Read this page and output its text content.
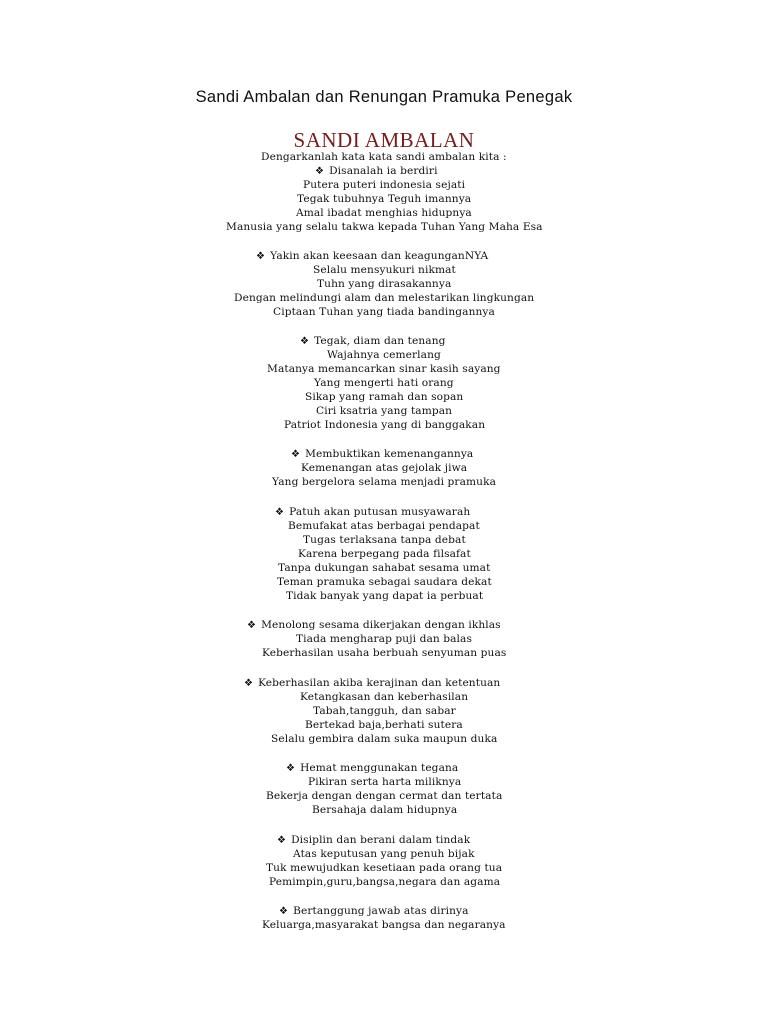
Sandi Ambalan dan Renungan Pramuka Penegak
SANDI AMBALAN
Dengarkanlah kata kata sandi ambalan kita :
❖ Disanalah ia berdiri
Putera puteri indonesia sejati
Tegak tubuhnya Teguh imannya
Amal ibadat menghias hidupnya
Manusia yang selalu takwa kepada Tuhan Yang Maha Esa
❖ Yakin akan keesaan dan keagunganNYA
Selalu mensyukuri nikmat
Tuhn yang dirasakannya
Dengan melindungi alam dan melestarikan lingkungan
Ciptaan Tuhan yang tiada bandingannya
❖ Tegak, diam dan tenang
Wajahnya cemerlang
Matanya memancarkan sinar kasih sayang
Yang mengerti hati orang
Sikap yang ramah dan sopan
Ciri ksatria yang tampan
Patriot Indonesia yang di banggakan
❖ Membuktikan kemenangannya
Kemenangan atas gejolak jiwa
Yang bergelora selama menjadi pramuka
❖ Patuh akan putusan musyawarah
Bemufakat atas berbagai pendapat
Tugas terlaksana tanpa debat
Karena berpegang pada filsafat
Tanpa dukungan sahabat sesama umat
Teman pramuka sebagai saudara dekat
Tidak banyak yang dapat ia perbuat
❖ Menolong sesama dikerjakan dengan ikhlas
Tiada mengharap puji dan balas
Keberhasilan usaha berbuah senyuman puas
❖ Keberhasilan akiba kerajinan dan ketentuan
Ketangkasan dan keberhasilan
Tabah,tangguh, dan sabar
Bertekad baja,berhati sutera
Selalu gembira dalam suka maupun duka
❖ Hemat menggunakan tegana
Pikiran serta harta miliknya
Bekerja dengan dengan cermat dan tertata
Bersahaja dalam hidupnya
❖ Disiplin dan berani dalam tindak
Atas keputusan yang penuh bijak
Tuk mewujudkan kesetiaan pada orang tua
Pemimpin,guru,bangsa,negara dan agama
❖ Bertanggung jawab atas dirinya
Keluarga,masyarakat bangsa dan negaranya
